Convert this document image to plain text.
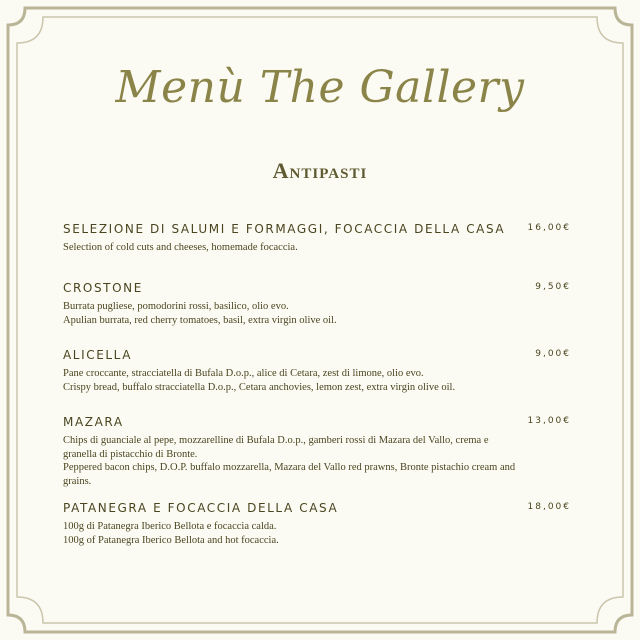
Menù The Gallery
Antipasti
SELEZIONE DI SALUMI E FORMAGGI, FOCACCIA DELLA CASA	16,00€
Selection of cold cuts and cheeses, homemade focaccia.
CROSTONE	9,50€
Burrata pugliese, pomodorini rossi, basilico, olio evo.
Apulian burrata, red cherry tomatoes, basil, extra virgin olive oil.
ALICELLA	9,00€
Pane croccante, stracciatella di Bufala D.o.p., alice di Cetara, zest di limone, olio evo.
Crispy bread, buffalo stracciatella D.o.p., Cetara anchovies, lemon zest, extra virgin olive oil.
MAZARA	13,00€
Chips di guanciale al pepe, mozzarelline di Bufala D.o.p., gamberi rossi di Mazara del Vallo, crema e granella di pistacchio di Bronte.
Peppered bacon chips, D.O.P. buffalo mozzarella, Mazara del Vallo red prawns, Bronte pistachio cream and grains.
PATANEGRA E FOCACCIA DELLA CASA	18,00€
100g di Patanegra Iberico Bellota e focaccia calda.
100g of Patanegra Iberico Bellota and hot focaccia.
